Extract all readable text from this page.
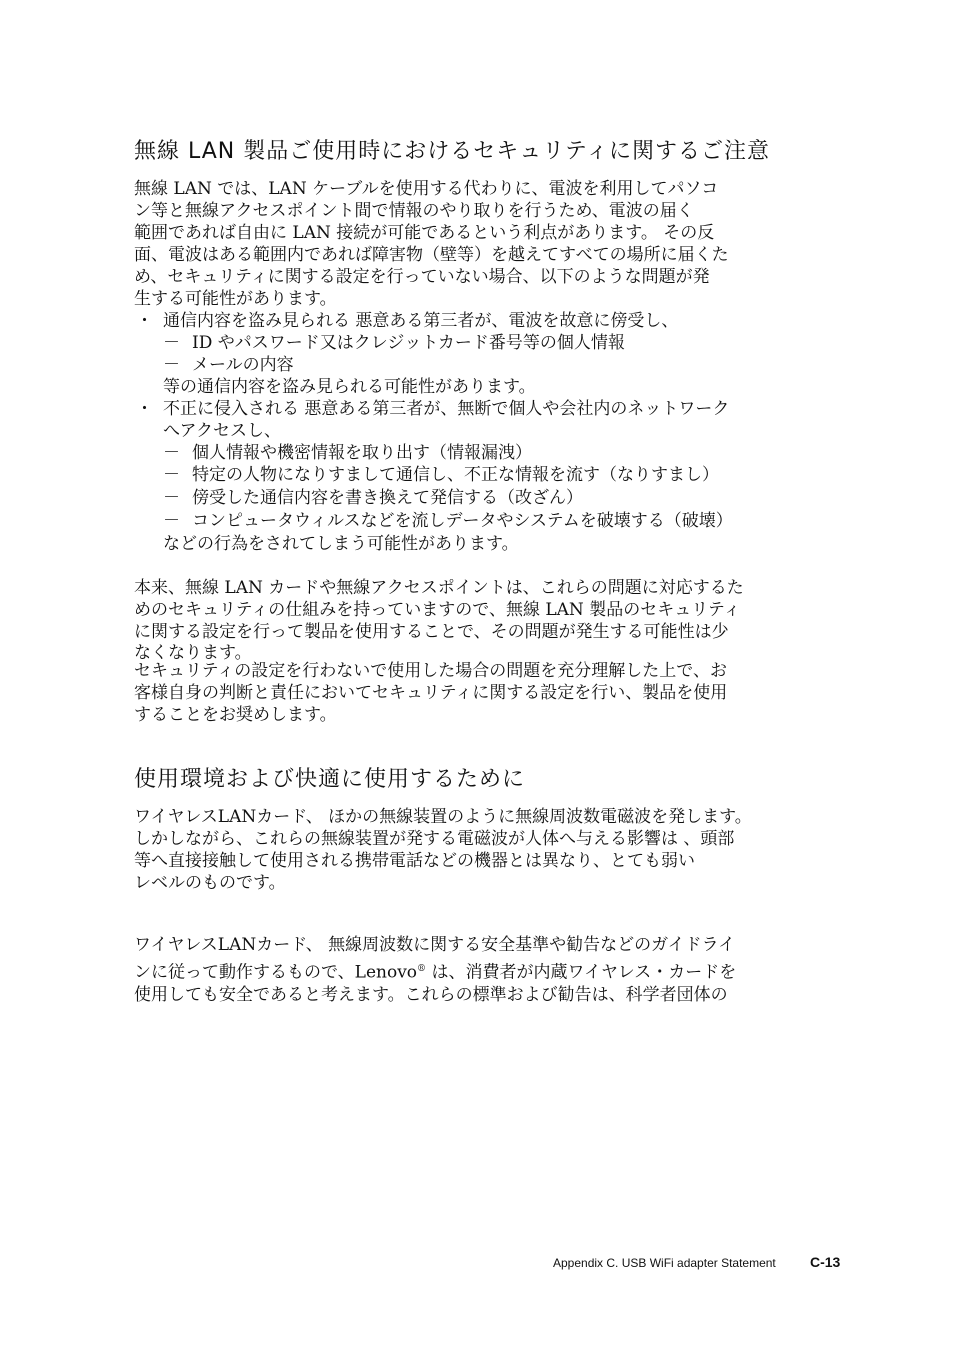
無線 LAN 製品ご使用時におけるセキュリティに関するご注意

無線 LAN では、LAN ケーブルを使用する代わりに、電波を利用してパソコ

ン等と無線アクセスポイント間で情報のやり取りを行うため、電波の届く

範囲であれば自由に LAN 接続が可能であるという利点があります。 その反

面、電波はある範囲内であれば障害物（壁等）を越えてすべての場所に届くた

め、セキュリティに関する設定を行っていない場合、以下のような問題が発

生する可能性があります。

・ 通信内容を盗み見られる 悪意ある第三者が、電波を故意に傍受し、

－ ID やパスワード又はクレジットカード番号等の個人情報

－ メールの内容

等の通信内容を盗み見られる可能性があります。

・ 不正に侵入される 悪意ある第三者が、無断で個人や会社内のネットワーク

へアクセスし、

－ 個人情報や機密情報を取り出す（情報漏洩）

－ 特定の人物になりすまして通信し、不正な情報を流す（なりすまし）

－ 傍受した通信内容を書き換えて発信する（改ざん）

－ コンピュータウィルスなどを流しデータやシステムを破壊する（破壊）

などの行為をされてしまう可能性があります。

本来、無線 LAN カードや無線アクセスポイントは、これらの問題に対応するた

めのセキュリティの仕組みを持っていますので、無線 LAN 製品のセキュリティ

に関する設定を行って製品を使用することで、その問題が発生する可能性は少

なくなります。

セキュリティの設定を行わないで使用した場合の問題を充分理解した上で、お

客様自身の判断と責任においてセキュリティに関する設定を行い、製品を使用

することをお奨めします。

使用環境および快適に使用するために

ワイヤレスLANカード、 ほかの無線装置のように無線周波数電磁波を発します。

しかしながら、これらの無線装置が発する電磁波が人体へ与える影響は 、頭部

等へ直接接触して使用される携帯電話などの機器とは異なり、とても弱い

レベルのものです。

ワイヤレスLANカード、 無線周波数に関する安全基準や勧告などのガイドライ

ンに従って動作するもので、Lenovo® は、消費者が内蔵ワイヤレス・カードを

使用しても安全であると考えます。これらの標準および勧告は、科学者団体の

Appendix C. USB WiFi adapter Statement C-13
